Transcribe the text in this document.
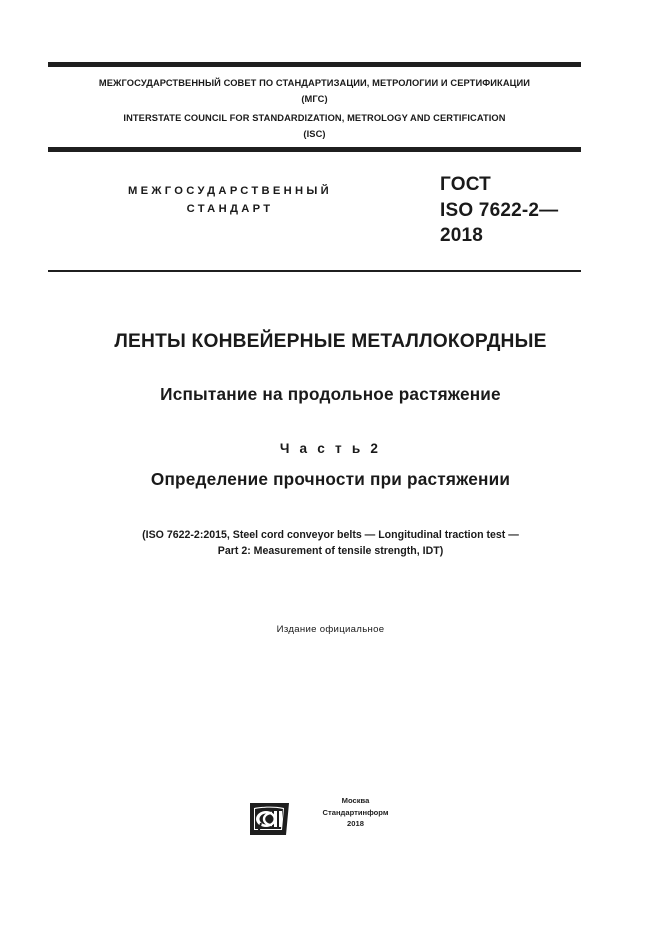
МЕЖГОСУДАРСТВЕННЫЙ СОВЕТ ПО СТАНДАРТИЗАЦИИ, МЕТРОЛОГИИ И СЕРТИФИКАЦИИ
(МГС)
INTERSTATE COUNCIL FOR STANDARDIZATION, METROLOGY AND CERTIFICATION
(ISC)
МЕЖГОСУДАРСТВЕННЫЙ
СТАНДАРТ
ГОСТ
ISO 7622-2—
2018
ЛЕНТЫ КОНВЕЙЕРНЫЕ МЕТАЛЛОКОРДНЫЕ
Испытание на продольное растяжение
Ч а с т ь 2
Определение прочности при растяжении
(ISO 7622-2:2015, Steel cord conveyor belts — Longitudinal traction test —
Part 2: Measurement of tensile strength, IDT)
Издание официальное
Москва
Стандартинформ
2018
